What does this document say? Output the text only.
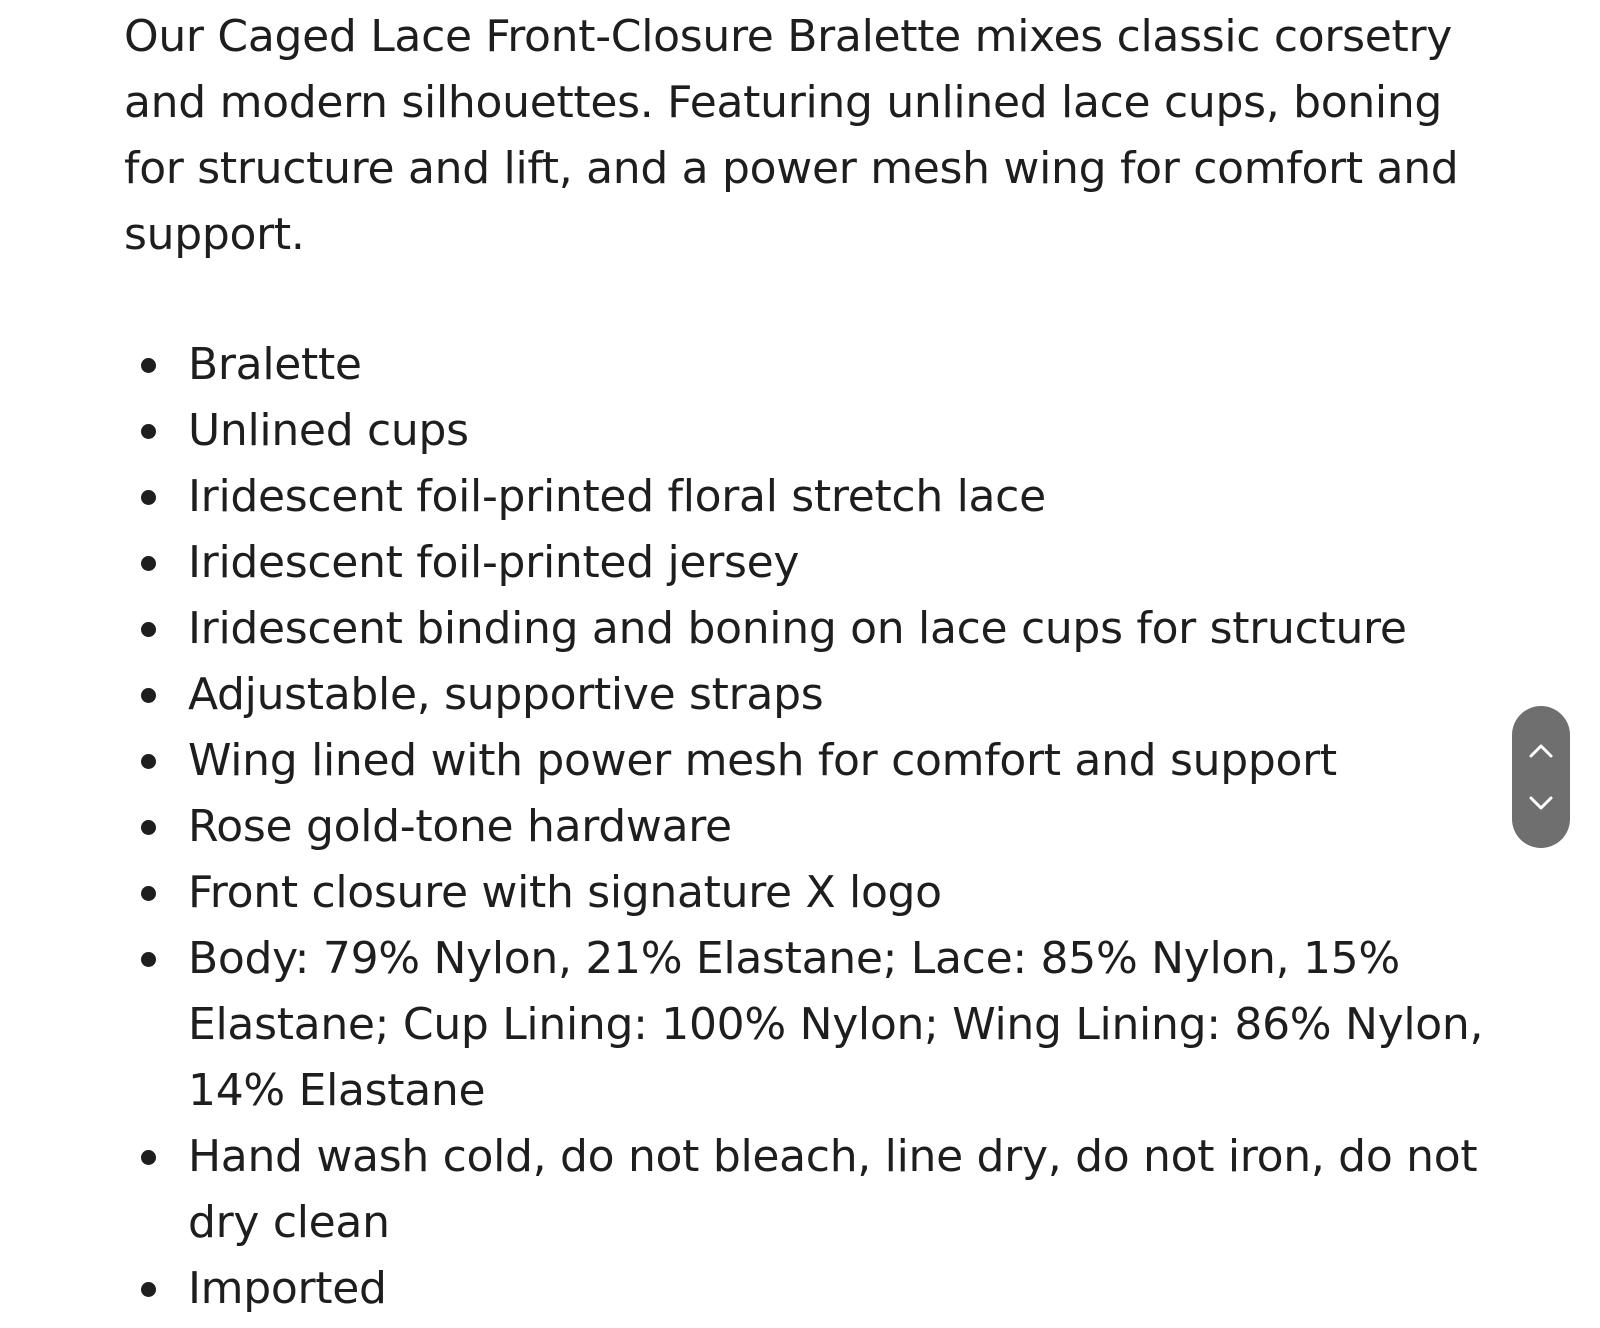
Our Caged Lace Front-Closure Bralette mixes classic corsetry and modern silhouettes. Featuring unlined lace cups, boning for structure and lift, and a power mesh wing for comfort and support.

Bralette
Unlined cups
Iridescent foil-printed floral stretch lace
Iridescent foil-printed jersey
Iridescent binding and boning on lace cups for structure
Adjustable, supportive straps
Wing lined with power mesh for comfort and support
Rose gold-tone hardware
Front closure with signature X logo
Body: 79% Nylon, 21% Elastane; Lace: 85% Nylon, 15% Elastane; Cup Lining: 100% Nylon; Wing Lining: 86% Nylon, 14% Elastane
Hand wash cold, do not bleach, line dry, do not iron, do not dry clean
Imported
